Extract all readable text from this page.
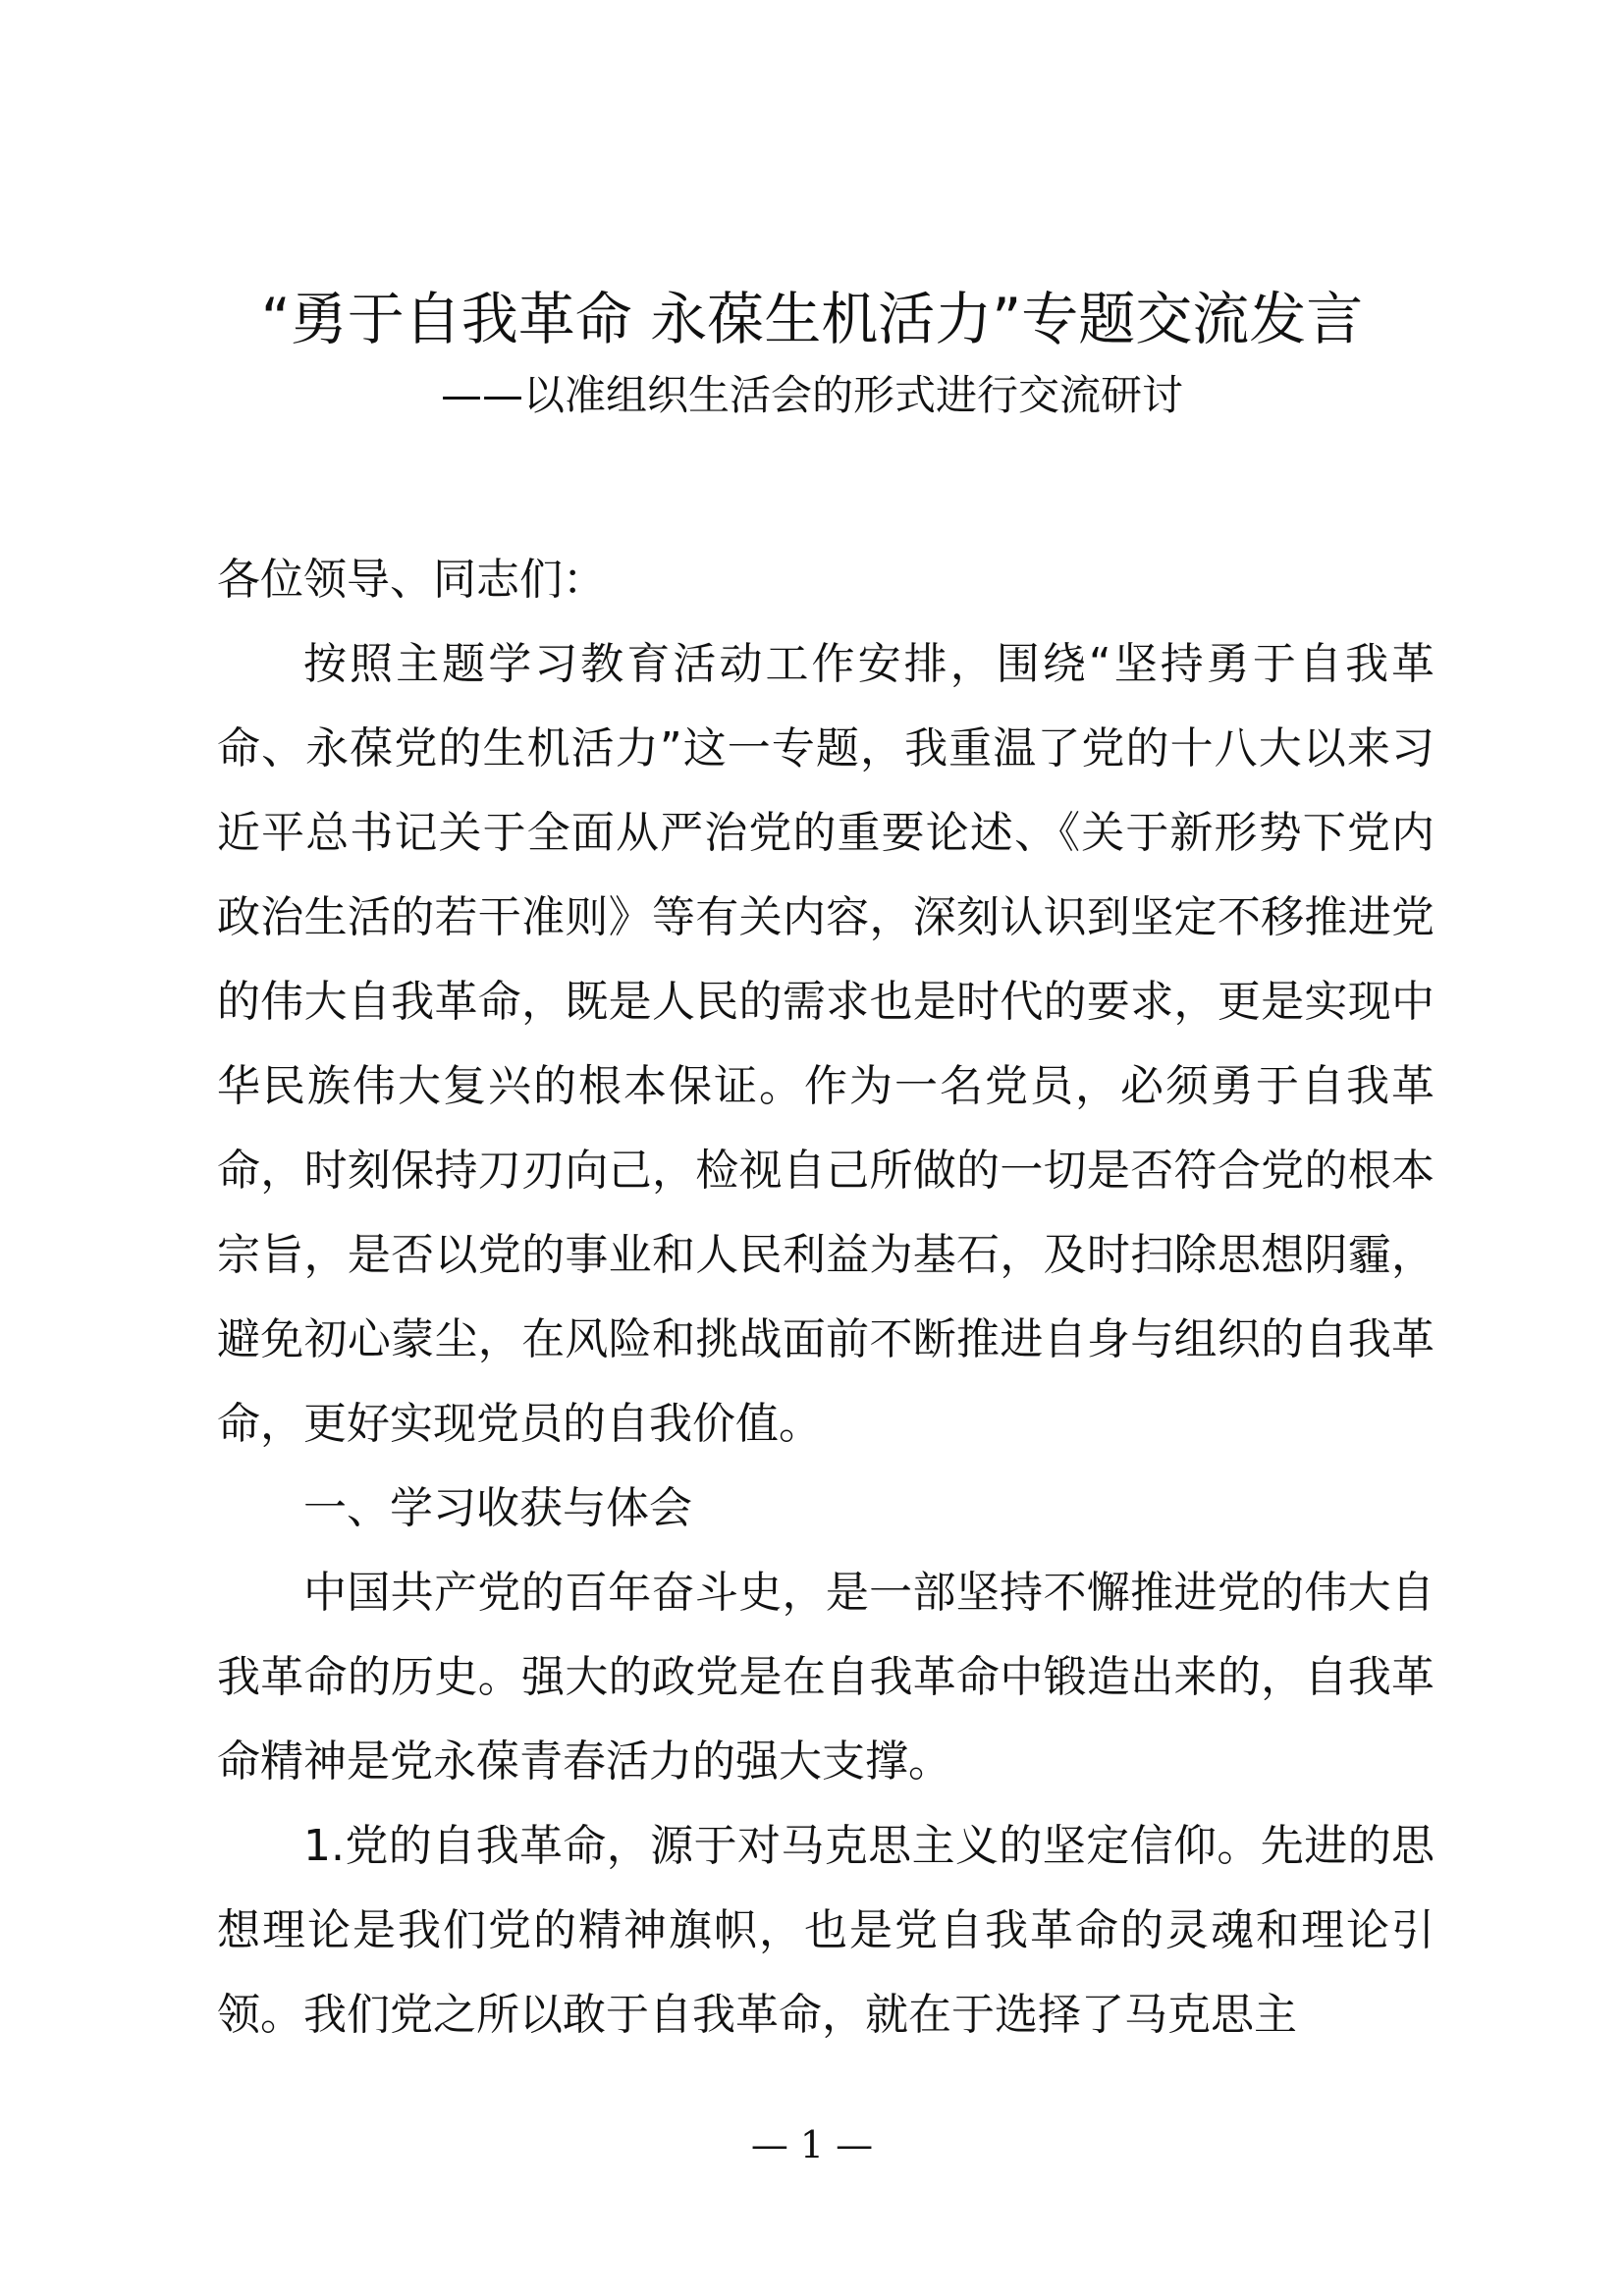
“勇于自我革命 永葆生机活力”专题交流发言
——以准组织生活会的形式进行交流研讨

各位领导、同志们：

按照主题学习教育活动工作安排，围绕“坚持勇于自我革命、永葆党的生机活力”这一专题，我重温了党的十八大以来习近平总书记关于全面从严治党的重要论述、《关于新形势下党内政治生活的若干准则》等有关内容，深刻认识到坚定不移推进党的伟大自我革命，既是人民的需求也是时代的要求，更是实现中华民族伟大复兴的根本保证。作为一名党员，必须勇于自我革命，时刻保持刀刃向己，检视自己所做的一切是否符合党的根本宗旨，是否以党的事业和人民利益为基石，及时扫除思想阴霾，避免初心蒙尘，在风险和挑战面前不断推进自身与组织的自我革命，更好实现党员的自我价值。

一、学习收获与体会

中国共产党的百年奋斗史，是一部坚持不懈推进党的伟大自我革命的历史。强大的政党是在自我革命中锻造出来的，自我革命精神是党永葆青春活力的强大支撑。

1.党的自我革命，源于对马克思主义的坚定信仰。先进的思想理论是我们党的精神旗帜，也是党自我革命的灵魂和理论引领。我们党之所以敢于自我革命，就在于选择了马克思主

— 1 —
